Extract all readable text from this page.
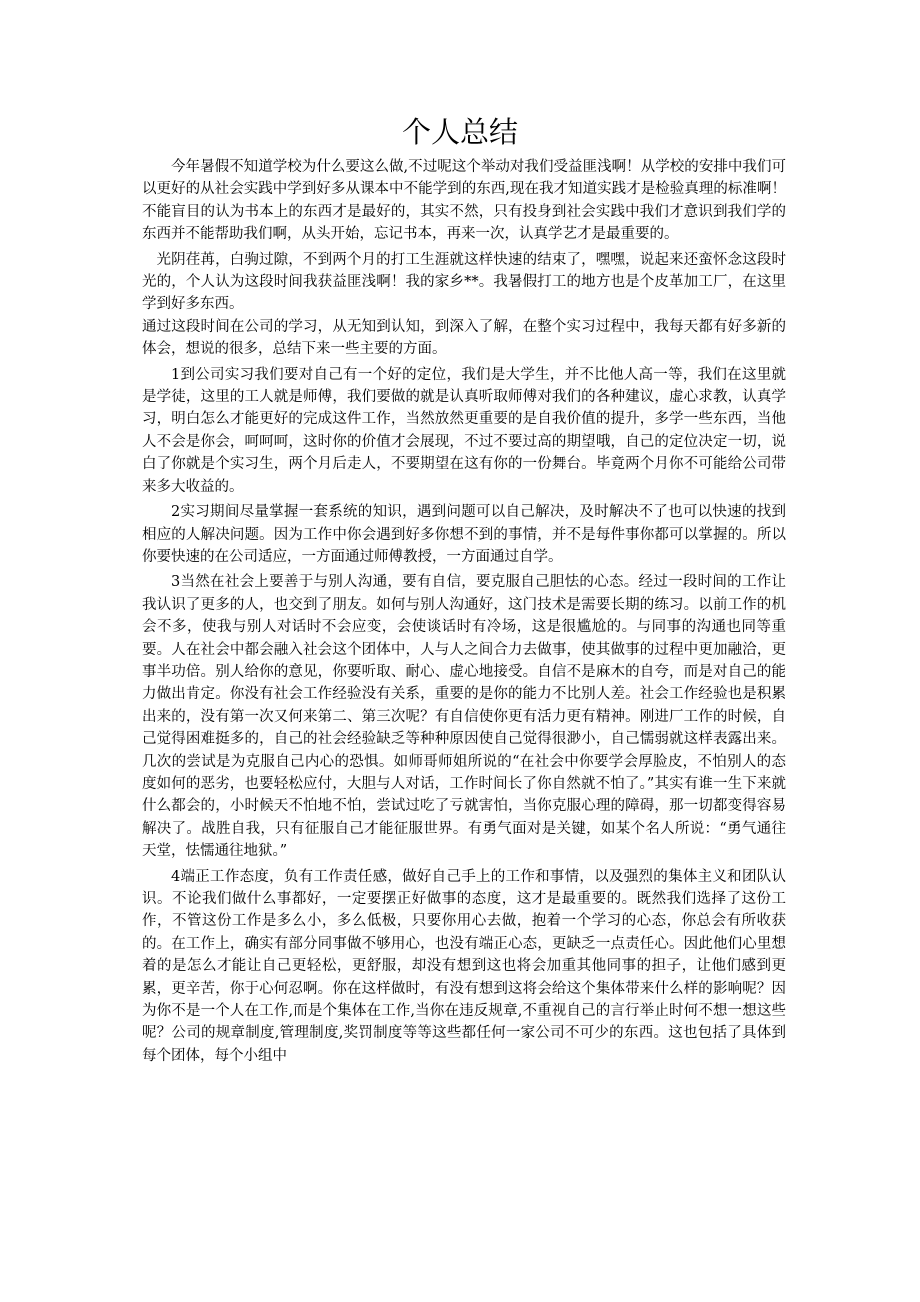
个人总结

今年暑假不知道学校为什么要这么做,不过呢这个举动对我们受益匪浅啊！从学校的安排中我们可以更好的从社会实践中学到好多从课本中不能学到的东西,现在我才知道实践才是检验真理的标准啊！不能盲目的认为书本上的东西才是最好的，其实不然，只有投身到社会实践中我们才意识到我们学的东西并不能帮助我们啊，从头开始，忘记书本，再来一次，认真学艺才是最重要的。

光阴荏苒，白驹过隙，不到两个月的打工生涯就这样快速的结束了，嘿嘿，说起来还蛮怀念这段时光的，个人认为这段时间我获益匪浅啊！我的家乡**。我暑假打工的地方也是个皮革加工厂，在这里学到好多东西。

通过这段时间在公司的学习，从无知到认知，到深入了解，在整个实习过程中，我每天都有好多新的体会，想说的很多，总结下来一些主要的方面。

1到公司实习我们要对自己有一个好的定位，我们是大学生，并不比他人高一等，我们在这里就是学徒，这里的工人就是师傅，我们要做的就是认真听取师傅对我们的各种建议，虚心求教，认真学习，明白怎么才能更好的完成这件工作，当然放然更重要的是自我价值的提升，多学一些东西，当他人不会是你会，呵呵呵，这时你的价值才会展现，不过不要过高的期望哦，自己的定位决定一切，说白了你就是个实习生，两个月后走人，不要期望在这有你的一份舞台。毕竟两个月你不可能给公司带来多大收益的。

2实习期间尽量掌握一套系统的知识，遇到问题可以自己解决，及时解决不了也可以快速的找到相应的人解决问题。因为工作中你会遇到好多你想不到的事情，并不是每件事你都可以掌握的。所以你要快速的在公司适应，一方面通过师傅教授，一方面通过自学。

3当然在社会上要善于与别人沟通，要有自信，要克服自己胆怯的心态。经过一段时间的工作让我认识了更多的人，也交到了朋友。如何与别人沟通好，这门技术是需要长期的练习。以前工作的机会不多，使我与别人对话时不会应变，会使谈话时有冷场，这是很尴尬的。与同事的沟通也同等重要。人在社会中都会融入社会这个团体中，人与人之间合力去做事，使其做事的过程中更加融洽，更事半功倍。别人给你的意见，你要听取、耐心、虚心地接受。自信不是麻木的自夸，而是对自己的能力做出肯定。你没有社会工作经验没有关系，重要的是你的能力不比别人差。社会工作经验也是积累出来的，没有第一次又何来第二、第三次呢？有自信使你更有活力更有精神。刚进厂工作的时候，自己觉得困难挺多的，自己的社会经验缺乏等种种原因使自己觉得很渺小，自己懦弱就这样表露出来。几次的尝试是为克服自己内心的恐惧。如师哥师姐所说的“在社会中你要学会厚脸皮，不怕别人的态度如何的恶劣，也要轻松应付，大胆与人对话，工作时间长了你自然就不怕了。”其实有谁一生下来就什么都会的，小时候天不怕地不怕，尝试过吃了亏就害怕，当你克服心理的障碍，那一切都变得容易解决了。战胜自我，只有征服自己才能征服世界。有勇气面对是关键，如某个名人所说：“勇气通往天堂，怯懦通往地狱。”

4端正工作态度，负有工作责任感，做好自己手上的工作和事情，以及强烈的集体主义和团队认识。不论我们做什么事都好，一定要摆正好做事的态度，这才是最重要的。既然我们选择了这份工作，不管这份工作是多么小，多么低极，只要你用心去做，抱着一个学习的心态，你总会有所收获的。在工作上，确实有部分同事做不够用心，也没有端正心态，更缺乏一点责任心。因此他们心里想着的是怎么才能让自己更轻松，更舒服，却没有想到这也将会加重其他同事的担子，让他们感到更累，更辛苦，你于心何忍啊。你在这样做时，有没有想到这将会给这个集体带来什么样的影响呢？因为你不是一个人在工作,而是个集体在工作,当你在违反规章,不重视自己的言行举止时何不想一想这些呢？公司的规章制度,管理制度,奖罚制度等等这些都任何一家公司不可少的东西。这也包括了具体到每个团体，每个小组中
